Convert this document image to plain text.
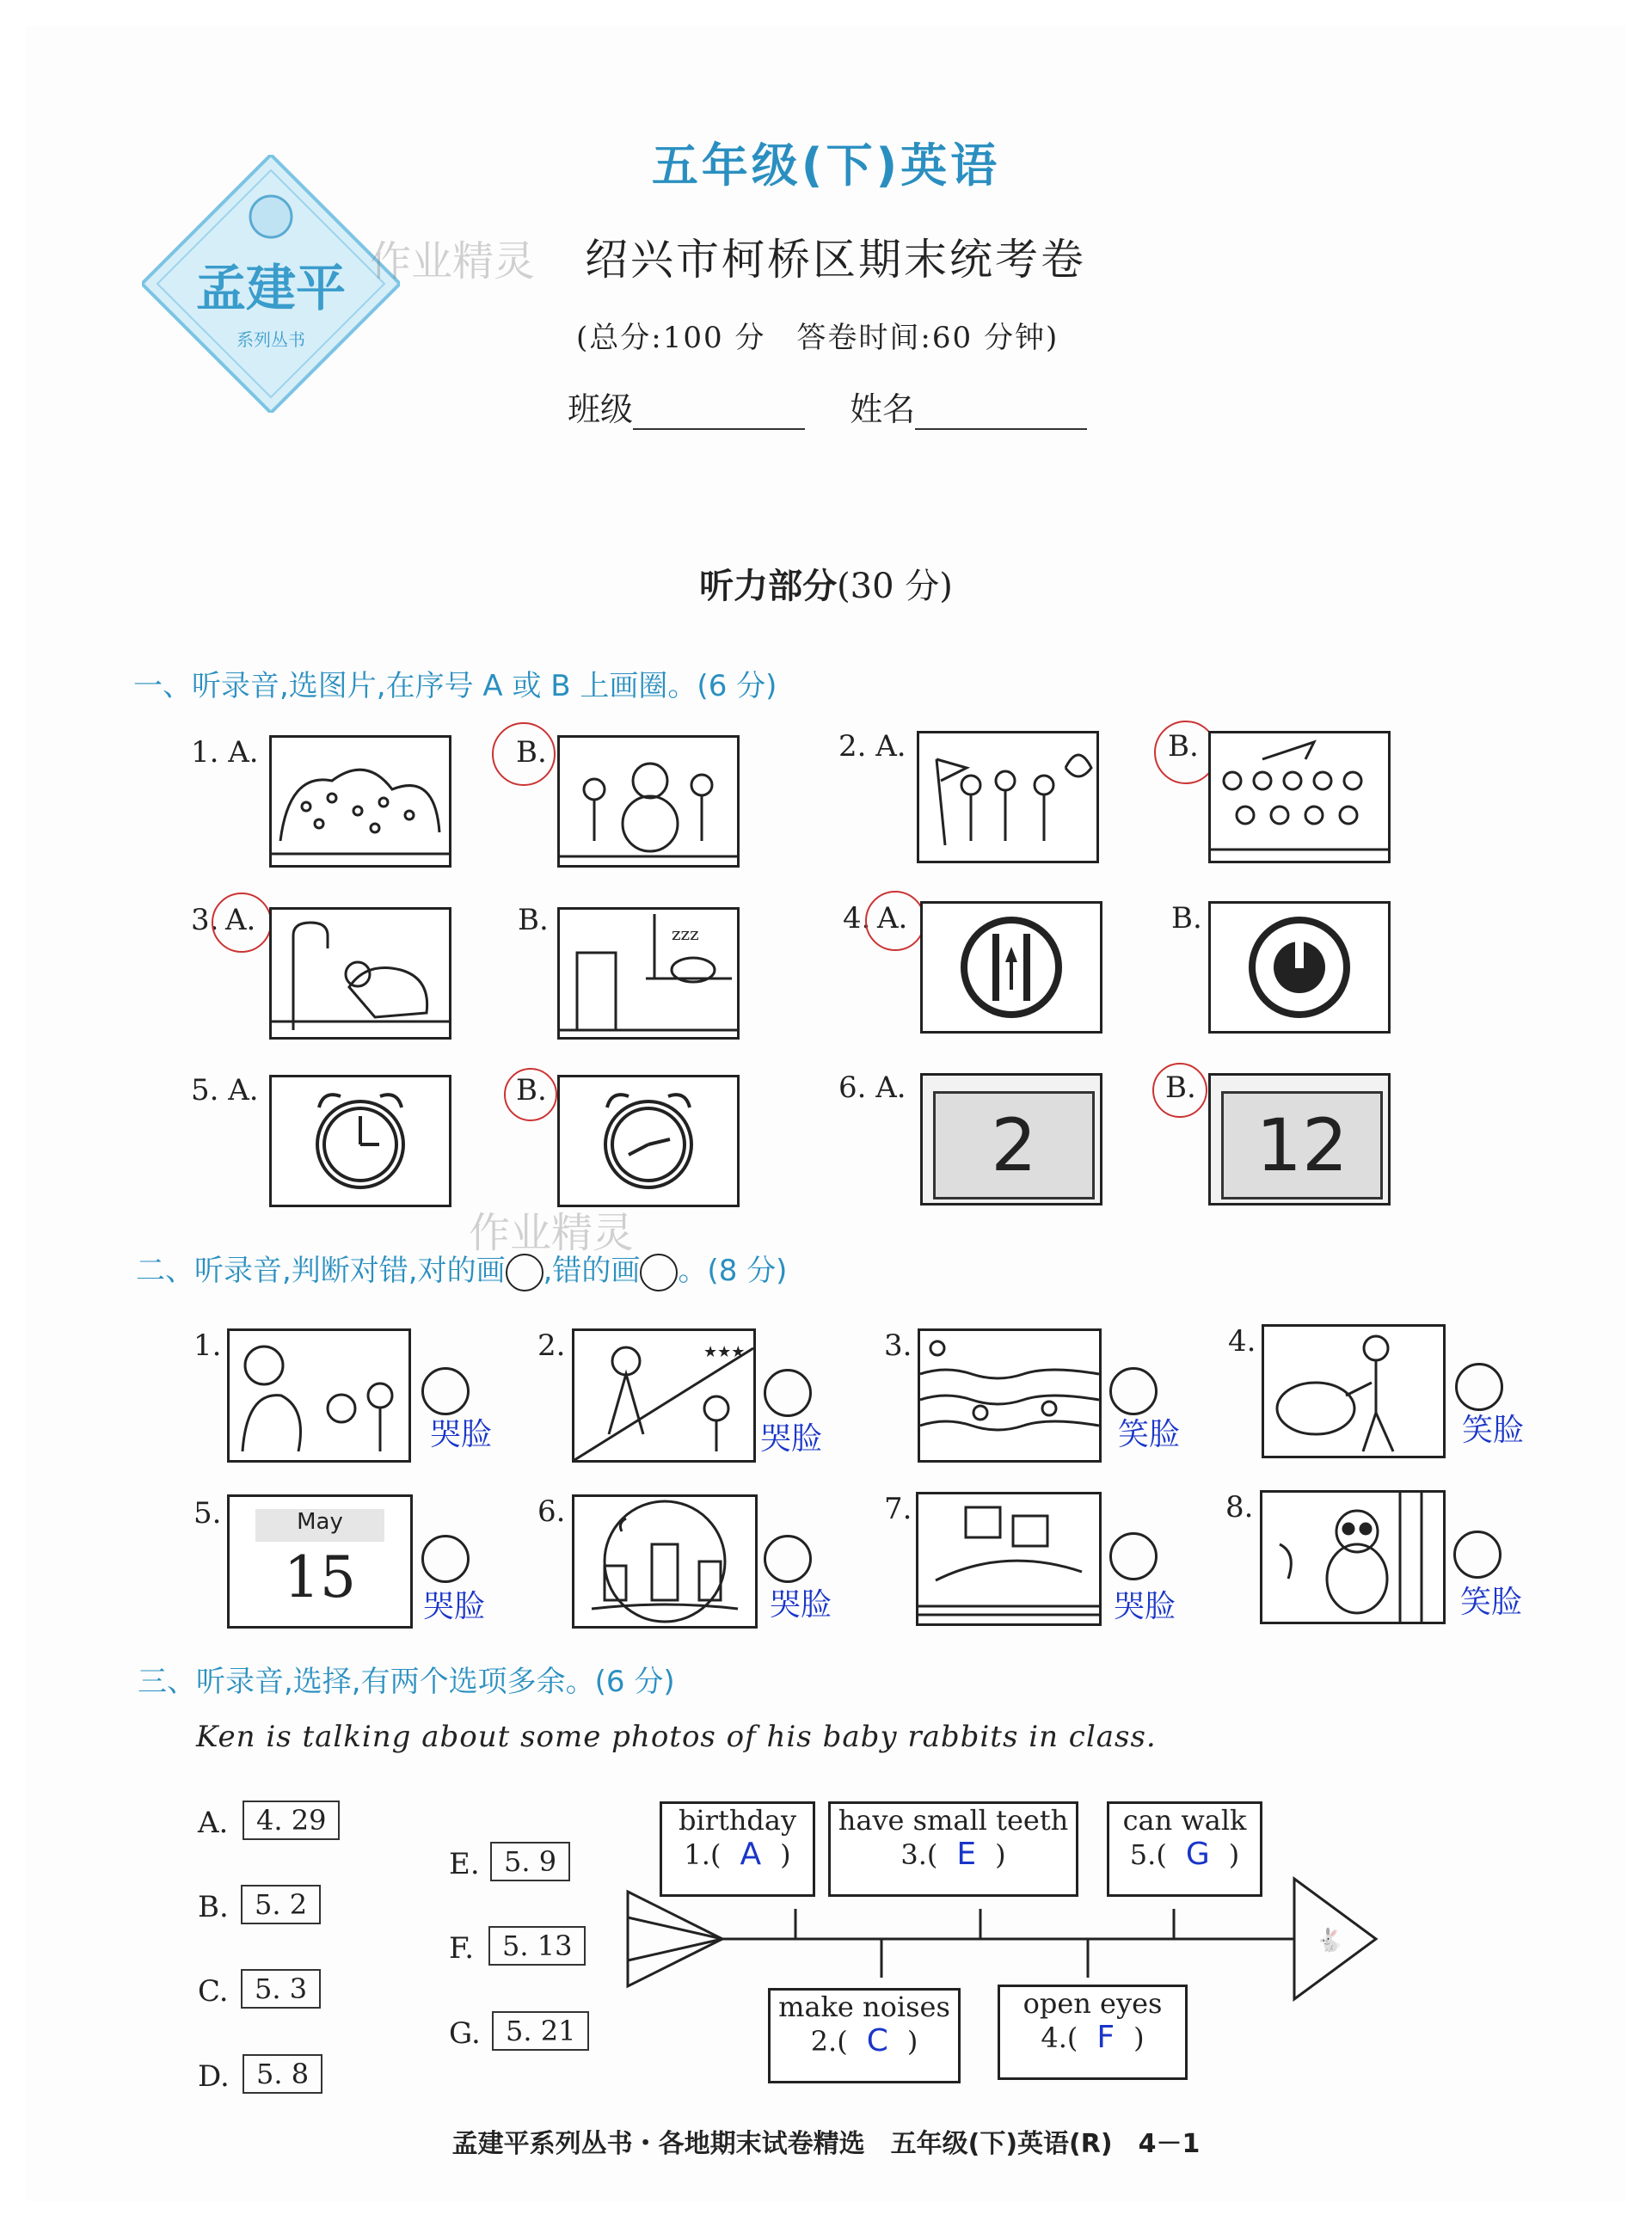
孟建平
系列丛书
作业精灵
作业精灵
五年级(下)英语
绍兴市柯桥区期末统考卷
(总分:100 分　答卷时间:60 分钟)
班级	姓名
听力部分(30 分)
一、听录音,选图片,在序号 A 或 B 上画圈。(6 分)
1. A.	B.	2. A.	B.
3. A.	B.	zzz	4. A.	B.
5. A.	B.	6. A.
2
B.
12
二、听录音,判断对错,对的画 ,错的画 。(8 分)
1.
哭脸
2.	★★★
哭脸
3.
笑脸
4.
笑脸
5.	May
15	哭脸
6.
哭脸
7.
哭脸
8.
笑脸
三、听录音,选择,有两个选项多余。(6 分)
Ken is talking about some photos of his baby rabbits in class.
A.	4. 29
B. 5. 2
C. 5. 3
D. 5. 8
E. 5. 9
F.	5. 13
G. 5. 21
🐇
birthday
1.( A )
have small teeth
3.( E )
can walk
5.( G )
make noises
2.( C )
open eyes
4.( F )
孟建平系列丛书・各地期末试卷精选　五年级(下)英语(R)　4－1
